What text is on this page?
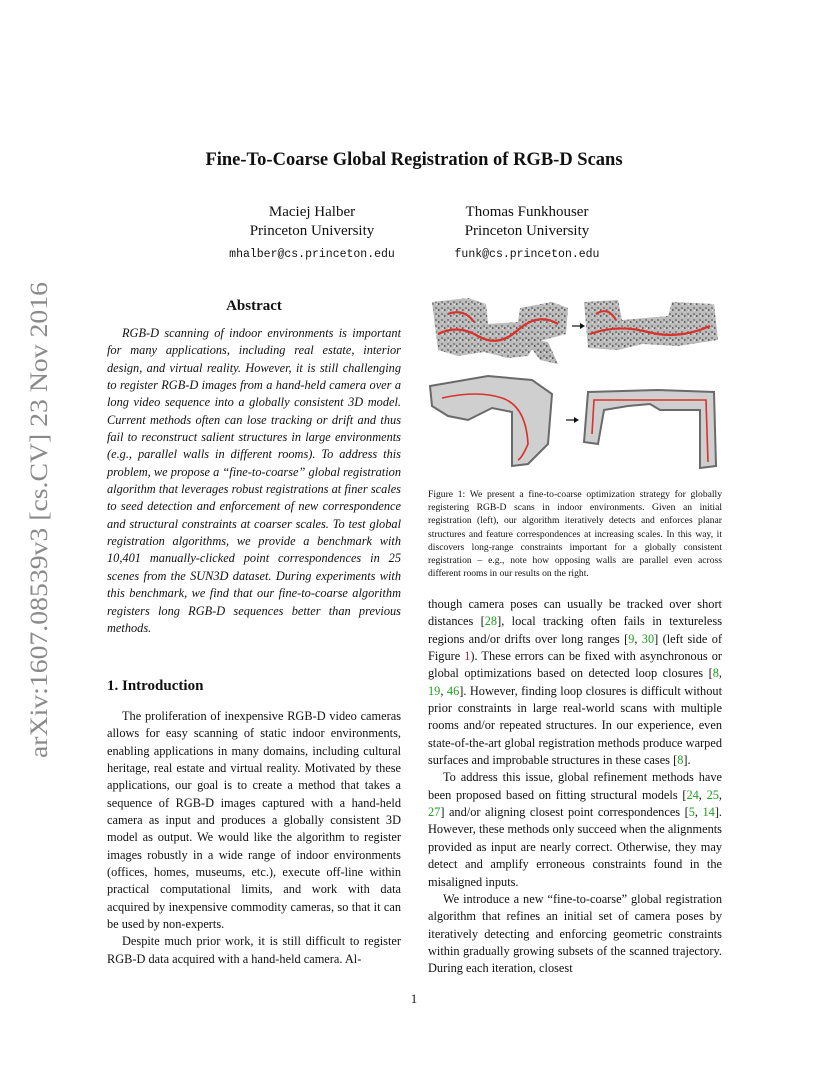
arXiv:1607.08539v3 [cs.CV] 23 Nov 2016
Fine-To-Coarse Global Registration of RGB-D Scans
Maciej Halber
Princeton University
mhalber@cs.princeton.edu
Thomas Funkhouser
Princeton University
funk@cs.princeton.edu
Abstract

RGB-D scanning of indoor environments is important for many applications, including real estate, interior design, and virtual reality. However, it is still challenging to register RGB-D images from a hand-held camera over a long video sequence into a globally consistent 3D model. Current methods often can lose tracking or drift and thus fail to reconstruct salient structures in large environments (e.g., parallel walls in different rooms). To address this problem, we propose a “fine-to-coarse” global registration algorithm that leverages robust registrations at finer scales to seed detection and enforcement of new correspondence and structural constraints at coarser scales. To test global registration algorithms, we provide a benchmark with 10,401 manually-clicked point correspondences in 25 scenes from the SUN3D dataset. During experiments with this benchmark, we find that our fine-to-coarse algorithm registers long RGB-D sequences better than previous methods.

1. Introduction

The proliferation of inexpensive RGB-D video cameras allows for easy scanning of static indoor environments, enabling applications in many domains, including cultural heritage, real estate and virtual reality. Motivated by these applications, our goal is to create a method that takes a sequence of RGB-D images captured with a hand-held camera as input and produces a globally consistent 3D model as output. We would like the algorithm to register images robustly in a wide range of indoor environments (offices, homes, museums, etc.), execute off-line within practical computational limits, and work with data acquired by inexpensive commodity cameras, so that it can be used by non-experts.

Despite much prior work, it is still difficult to register RGB-D data acquired with a hand-held camera. Al-

Figure 1: We present a fine-to-coarse optimization strategy for globally registering RGB-D scans in indoor environments. Given an initial registration (left), our algorithm iteratively detects and enforces planar structures and feature correspondences at increasing scales. In this way, it discovers long-range constraints important for a globally consistent registration – e.g., note how opposing walls are parallel even across different rooms in our results on the right.

though camera poses can usually be tracked over short distances [28], local tracking often fails in textureless regions and/or drifts over long ranges [9, 30] (left side of Figure 1). These errors can be fixed with asynchronous or global optimizations based on detected loop closures [8, 19, 46]. However, finding loop closures is difficult without prior constraints in large real-world scans with multiple rooms and/or repeated structures. In our experience, even state-of-the-art global registration methods produce warped surfaces and improbable structures in these cases [8].

To address this issue, global refinement methods have been proposed based on fitting structural models [24, 25, 27] and/or aligning closest point correspondences [5, 14]. However, these methods only succeed when the alignments provided as input are nearly correct. Otherwise, they may detect and amplify erroneous constraints found in the misaligned inputs.

We introduce a new “fine-to-coarse” global registration algorithm that refines an initial set of camera poses by iteratively detecting and enforcing geometric constraints within gradually growing subsets of the scanned trajectory. During each iteration, closest

1
